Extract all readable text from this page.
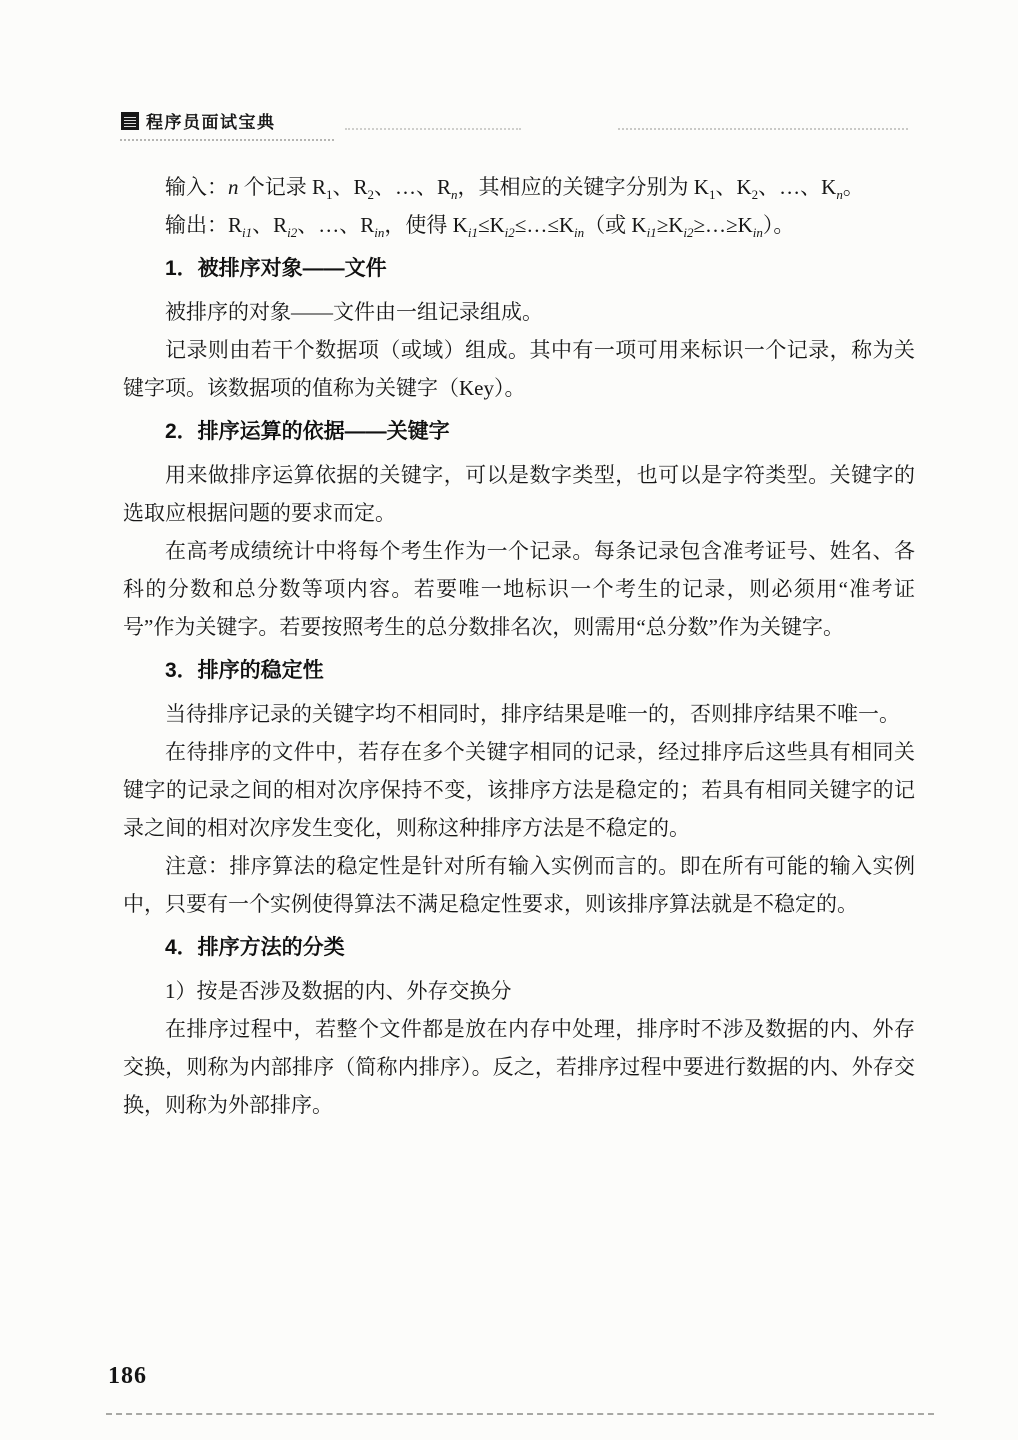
程序员面试宝典

输入：n 个记录 $R_1$、$R_2$、…、$R_n$，其相应的关键字分别为 $K_1$、$K_2$、…、$K_n$。

输出：$R_{i1}$、$R_{i2}$、…、$R_{in}$，使得 $K_{i1}\le K_{i2}\le\dots\le K_{in}$（或 $K_{i1}\ge K_{i2}\ge\dots\ge K_{in}$）。

1．被排序对象——文件

被排序的对象——文件由一组记录组成。

记录则由若干个数据项（或域）组成。其中有一项可用来标识一个记录，称为关键字项。该数据项的值称为关键字（Key）。

2．排序运算的依据——关键字

用来做排序运算依据的关键字，可以是数字类型，也可以是字符类型。关键字的选取应根据问题的要求而定。

在高考成绩统计中将每个考生作为一个记录。每条记录包含准考证号、姓名、各科的分数和总分数等项内容。若要唯一地标识一个考生的记录，则必须用“准考证号”作为关键字。若要按照考生的总分数排名次，则需用“总分数”作为关键字。

3．排序的稳定性

当待排序记录的关键字均不相同时，排序结果是唯一的，否则排序结果不唯一。

在待排序的文件中，若存在多个关键字相同的记录，经过排序后这些具有相同关键字的记录之间的相对次序保持不变，该排序方法是稳定的；若具有相同关键字的记录之间的相对次序发生变化，则称这种排序方法是不稳定的。

注意：排序算法的稳定性是针对所有输入实例而言的。即在所有可能的输入实例中，只要有一个实例使得算法不满足稳定性要求，则该排序算法就是不稳定的。

4．排序方法的分类

1）按是否涉及数据的内、外存交换分

在排序过程中，若整个文件都是放在内存中处理，排序时不涉及数据的内、外存交换，则称为内部排序（简称内排序）。反之，若排序过程中要进行数据的内、外存交换，则称为外部排序。

186
